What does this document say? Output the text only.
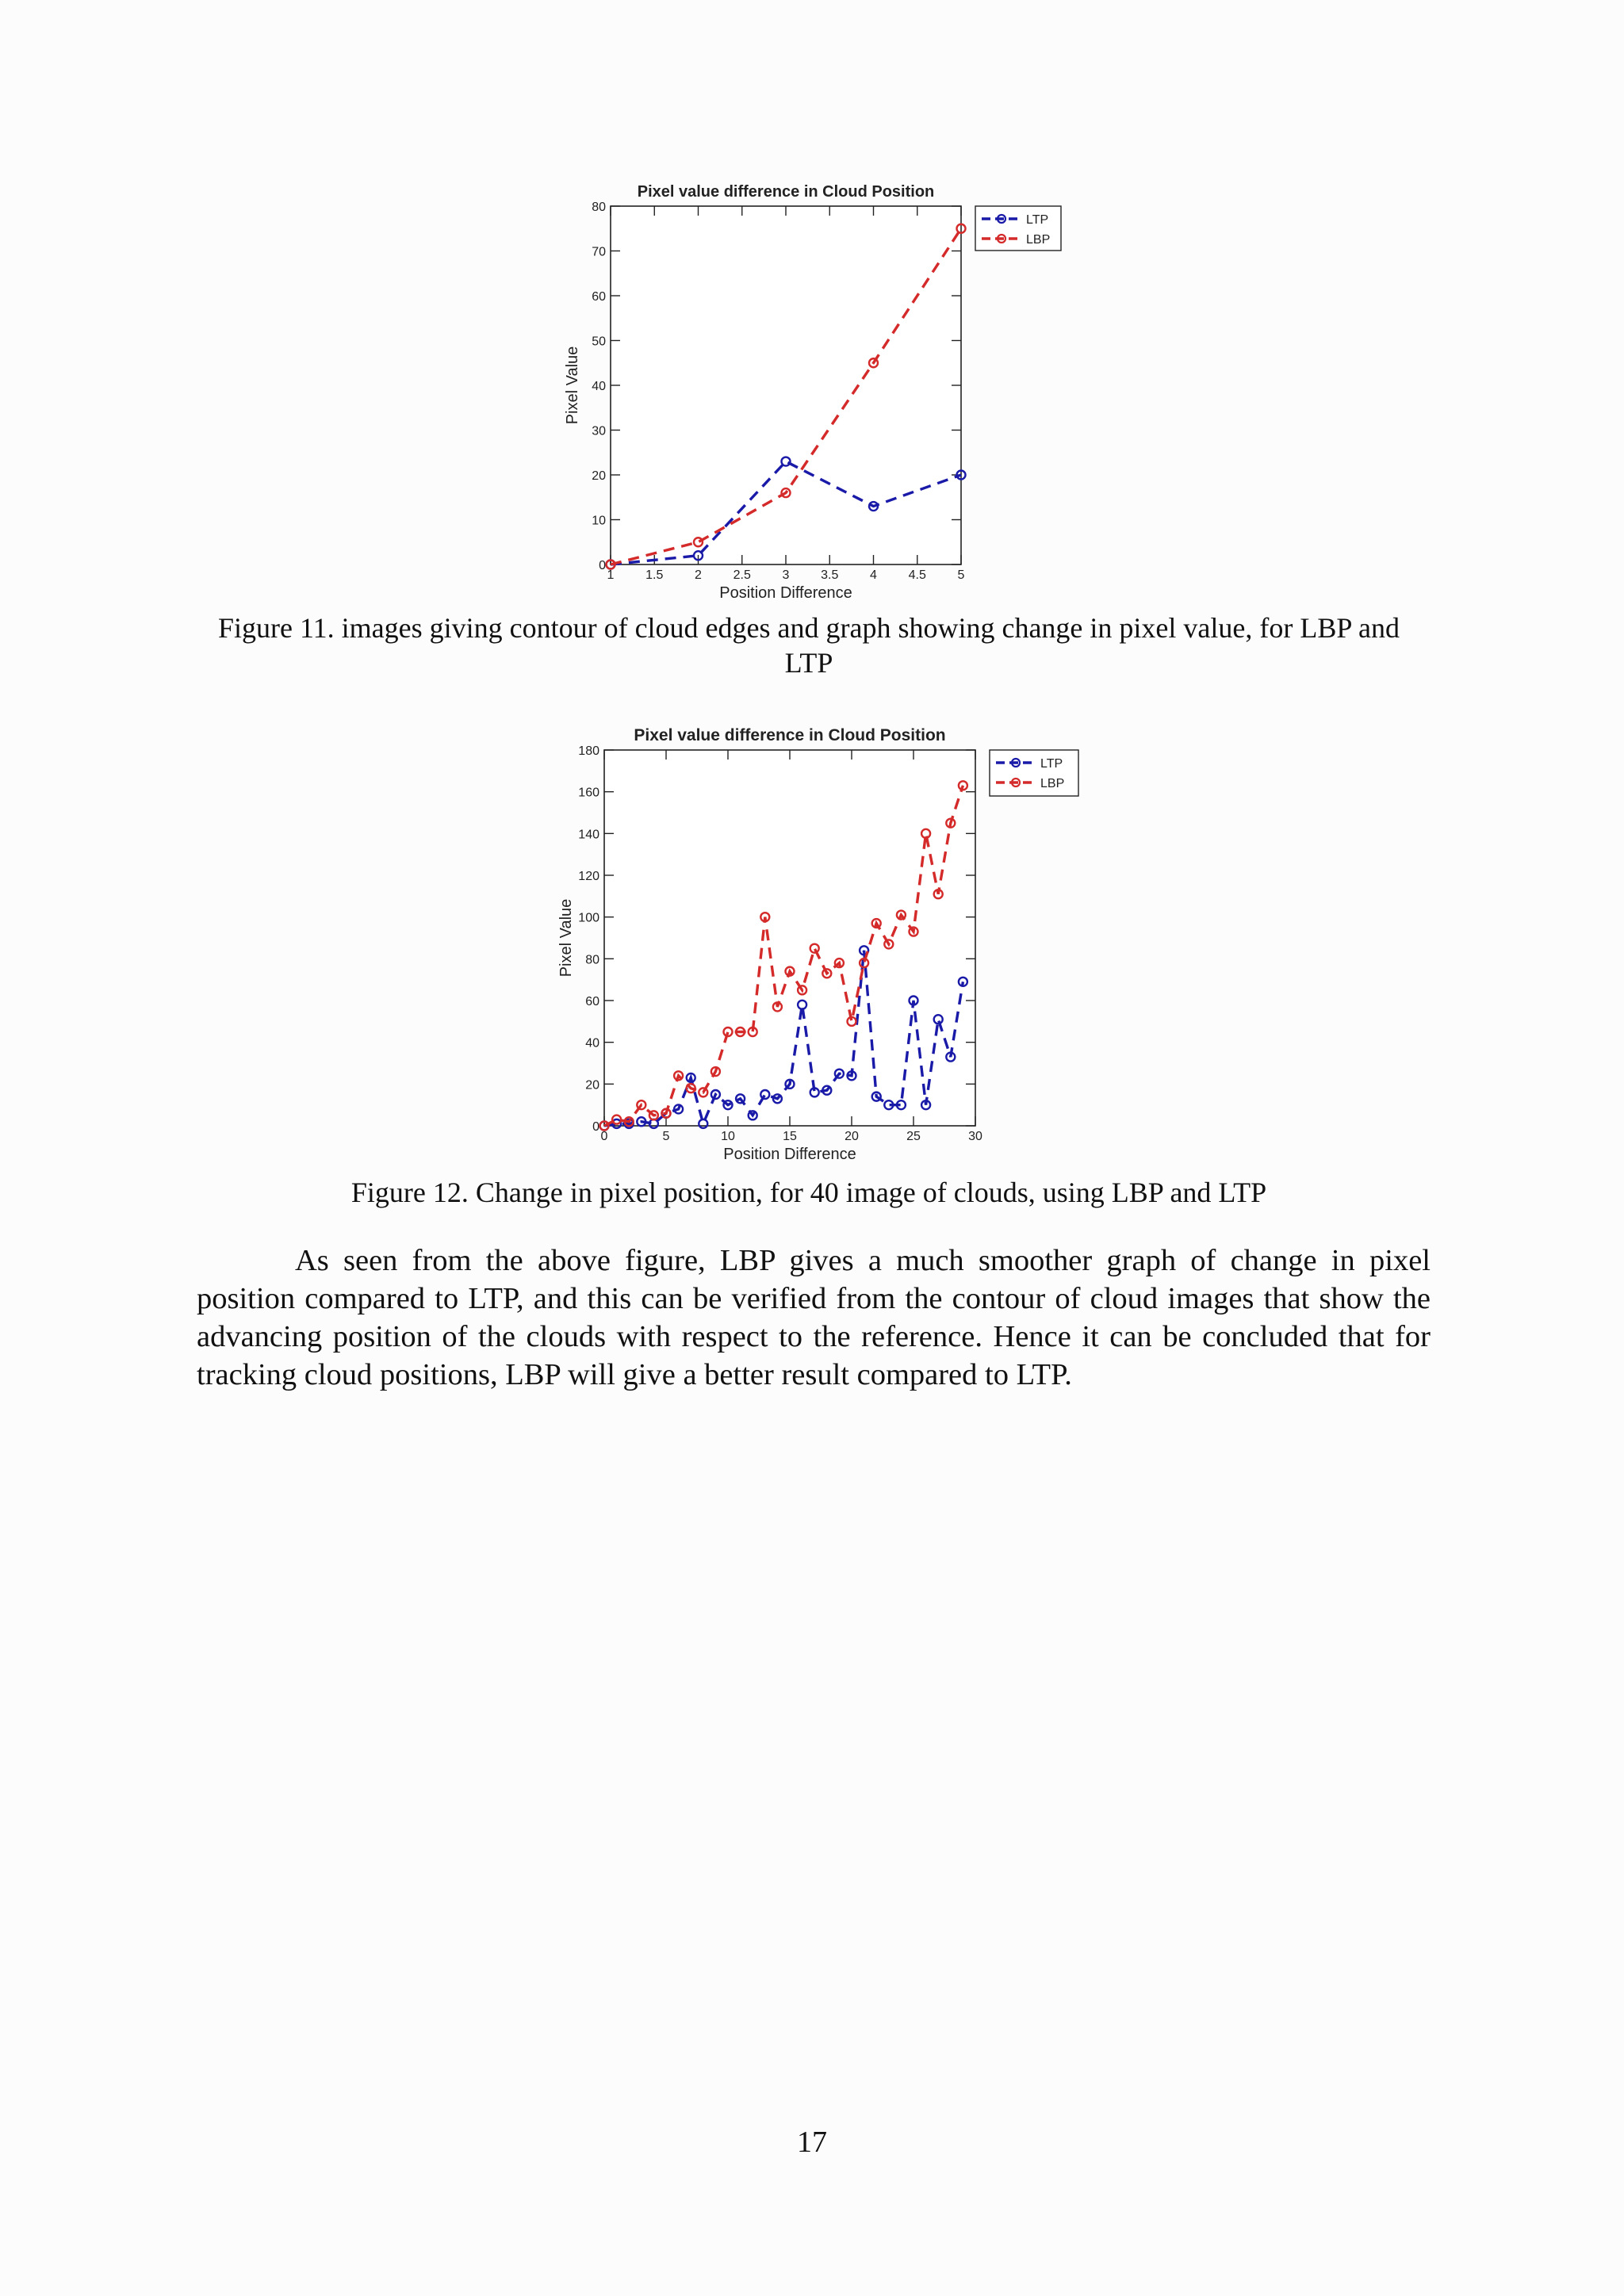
1 1.5 2 2.5 3 3.5 4 4.5 5
0
10
20
30
40
50
60
70
80
Pixel value difference in Cloud Position
Position Difference
Pixel Value
LTP
LBP
Figure 11. images giving contour of cloud edges and graph showing change in pixel value, for LBP and LTP
0	5	10	15	20	25	30
0
20
40
60
80
100
120
140
160
180
Pixel value difference in Cloud Position
Position Difference
Pixel Value
LTP
LBP
Figure 12. Change in pixel position, for 40 image of clouds, using LBP and LTP

As seen from the above figure, LBP gives a much smoother graph of change in pixel position compared to LTP, and this can be verified from the contour of cloud images that show the advancing position of the clouds with respect to the reference. Hence it can be concluded that for tracking cloud positions, LBP will give a better result compared to LTP.

17
